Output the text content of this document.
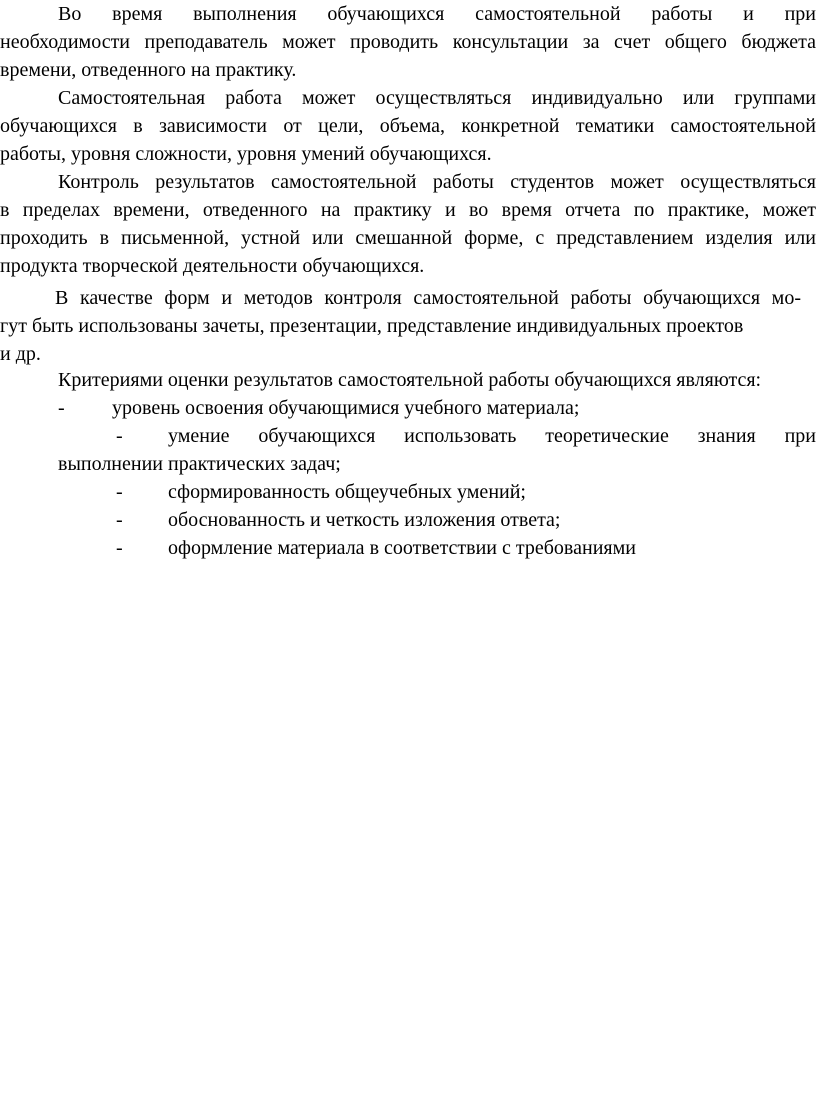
Во время выполнения обучающихся самостоятельной работы и при
необходимости преподаватель может проводить консультации за счет общего бюджета
времени, отведенного на практику.
Самостоятельная работа может осуществляться индивидуально или группами
обучающихся в зависимости от цели, объема, конкретной тематики самостоятельной
работы, уровня сложности, уровня умений обучающихся.
Контроль результатов самостоятельной работы студентов может осуществляться
в пределах времени, отведенного на практику и во время отчета по практике, может
проходить в письменной, устной или смешанной форме, с представлением изделия или
продукта творческой деятельности обучающихся.
В качестве форм и методов контроля самостоятельной работы обучающихся мо-
гут быть использованы зачеты, презентации, представление индивидуальных проектов
и др.
Критериями оценки результатов самостоятельной работы обучающихся являются:
- уровень освоения обучающимися учебного материала;
- умение обучающихся использовать теоретические знания при
выполнении практических задач;
- сформированность общеучебных умений;
- обоснованность и четкость изложения ответа;
- оформление материала в соответствии с требованиями
